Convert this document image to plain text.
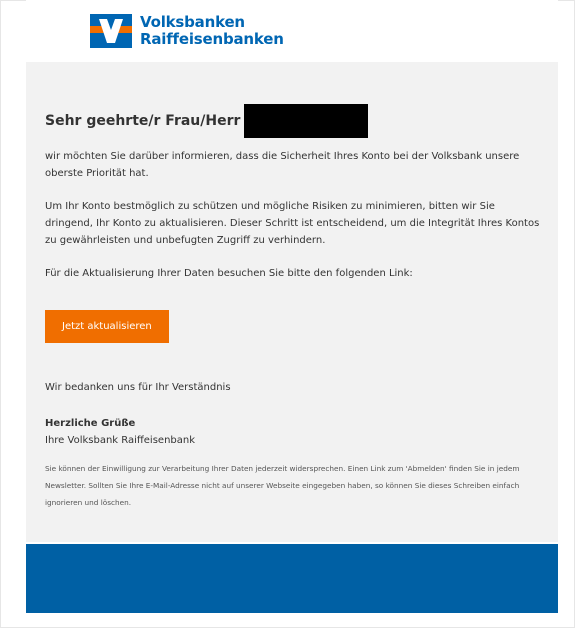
Volksbanken
Raiffeisenbanken
Sehr geehrte/r Frau/Herr

wir möchten Sie darüber informieren, dass die Sicherheit Ihres Konto bei der Volksbank unsere oberste Priorität hat.

Um Ihr Konto bestmöglich zu schützen und mögliche Risiken zu minimieren, bitten wir Sie dringend, Ihr Konto zu aktualisieren. Dieser Schritt ist entscheidend, um die Integrität Ihres Kontos zu gewährleisten und unbefugten Zugriff zu verhindern.

Für die Aktualisierung Ihrer Daten besuchen Sie bitte den folgenden Link:

Jetzt aktualisieren

Wir bedanken uns für Ihr Verständnis

Herzliche Grüße

Ihre Volksbank Raiffeisenbank

Sie können der Einwilligung zur Verarbeitung Ihrer Daten jederzeit widersprechen. Einen Link zum 'Abmelden' finden Sie in jedem Newsletter. Sollten Sie Ihre E-Mail-Adresse nicht auf unserer Webseite eingegeben haben, so können Sie dieses Schreiben einfach ignorieren und löschen.
